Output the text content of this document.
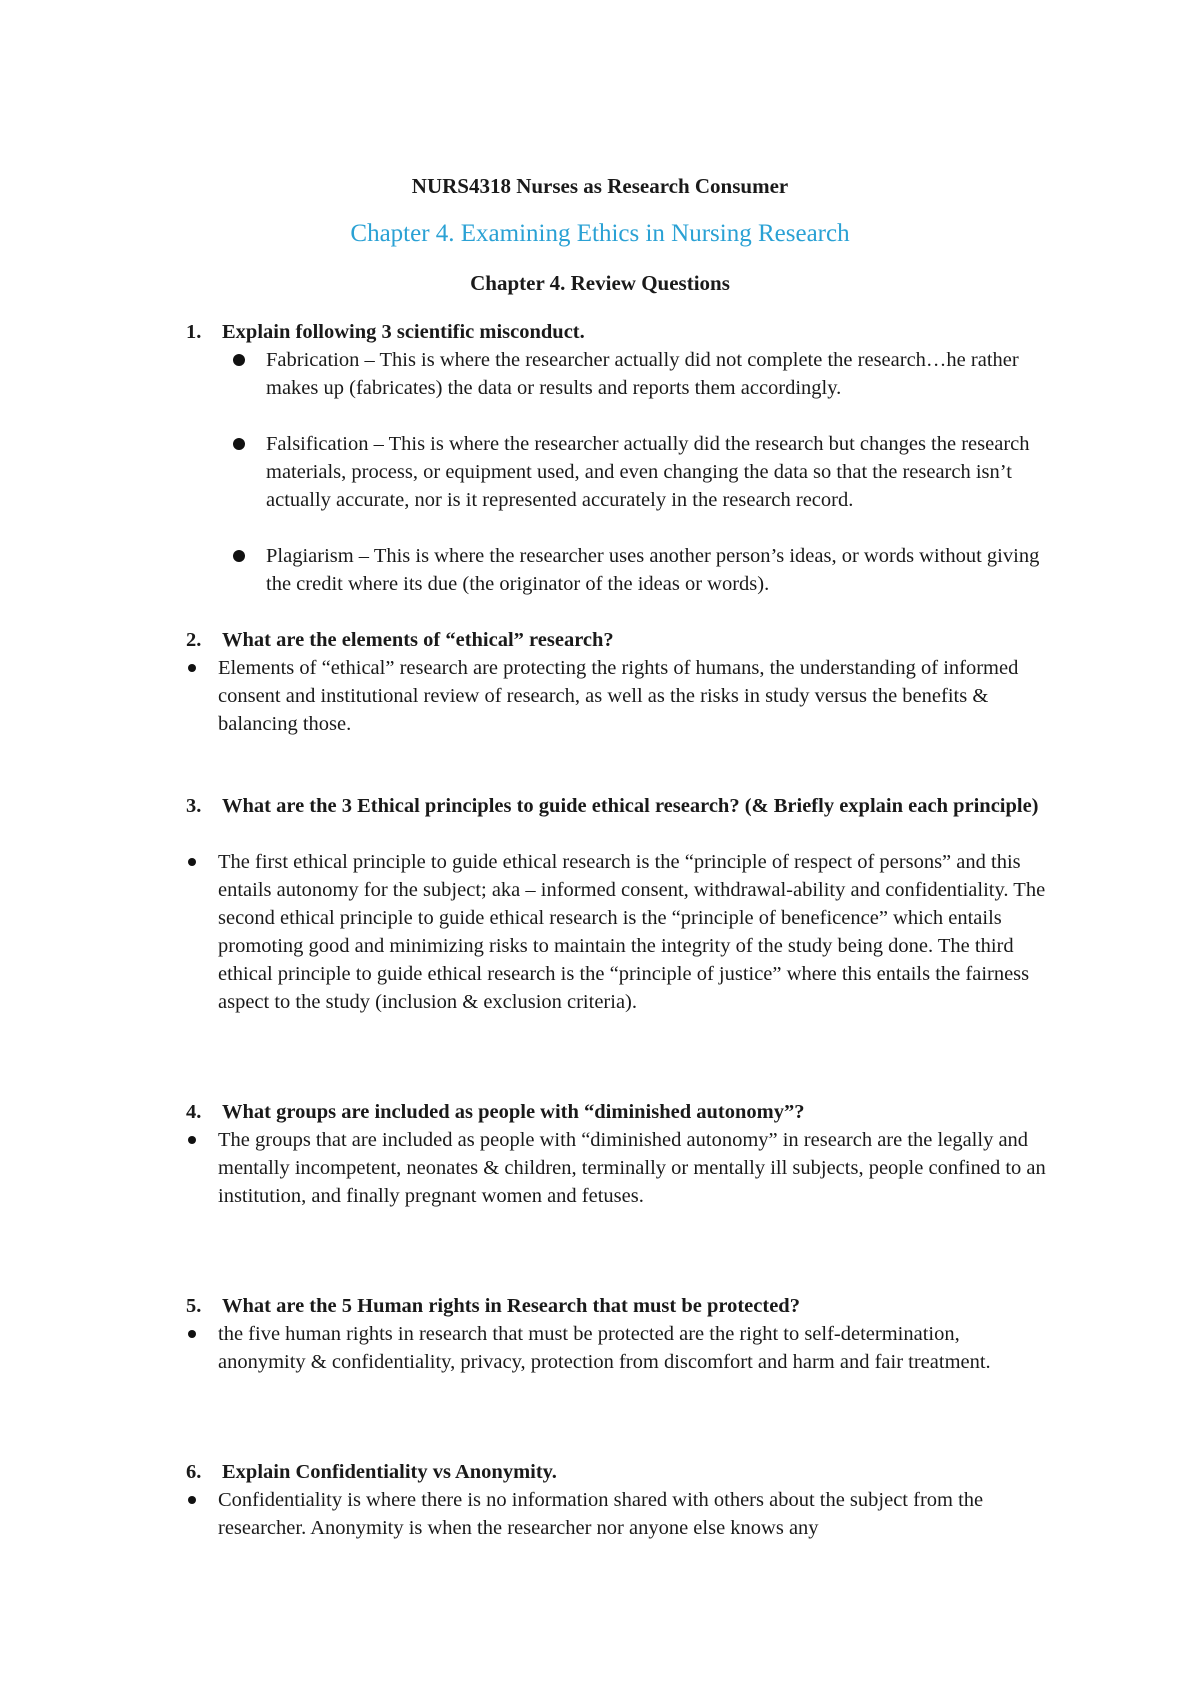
NURS4318 Nurses as Research Consumer
Chapter 4. Examining Ethics in Nursing Research
Chapter 4. Review Questions
1. Explain following 3 scientific misconduct.
Fabrication – This is where the researcher actually did not complete the research…he rather makes up (fabricates) the data or results and reports them accordingly.
Falsification – This is where the researcher actually did the research but changes the research materials, process, or equipment used, and even changing the data so that the research isn’t actually accurate, nor is it represented accurately in the research record.
Plagiarism – This is where the researcher uses another person’s ideas, or words without giving the credit where its due (the originator of the ideas or words).
2. What are the elements of “ethical” research?
Elements of “ethical” research are protecting the rights of humans, the understanding of informed consent and institutional review of research, as well as the risks in study versus the benefits & balancing those.
3. What are the 3 Ethical principles to guide ethical research? (& Briefly explain each principle)
The first ethical principle to guide ethical research is the “principle of respect of persons” and this entails autonomy for the subject; aka – informed consent, withdrawal-ability and confidentiality. The second ethical principle to guide ethical research is the “principle of beneficence” which entails promoting good and minimizing risks to maintain the integrity of the study being done. The third ethical principle to guide ethical research is the “principle of justice” where this entails the fairness aspect to the study (inclusion & exclusion criteria).
4. What groups are included as people with “diminished autonomy”?
The groups that are included as people with “diminished autonomy” in research are the legally and mentally incompetent, neonates & children, terminally or mentally ill subjects, people confined to an institution, and finally pregnant women and fetuses.
5. What are the 5 Human rights in Research that must be protected?
the five human rights in research that must be protected are the right to self-determination, anonymity & confidentiality, privacy, protection from discomfort and harm and fair treatment.
6. Explain Confidentiality vs Anonymity.
Confidentiality is where there is no information shared with others about the subject from the researcher. Anonymity is when the researcher nor anyone else knows any
